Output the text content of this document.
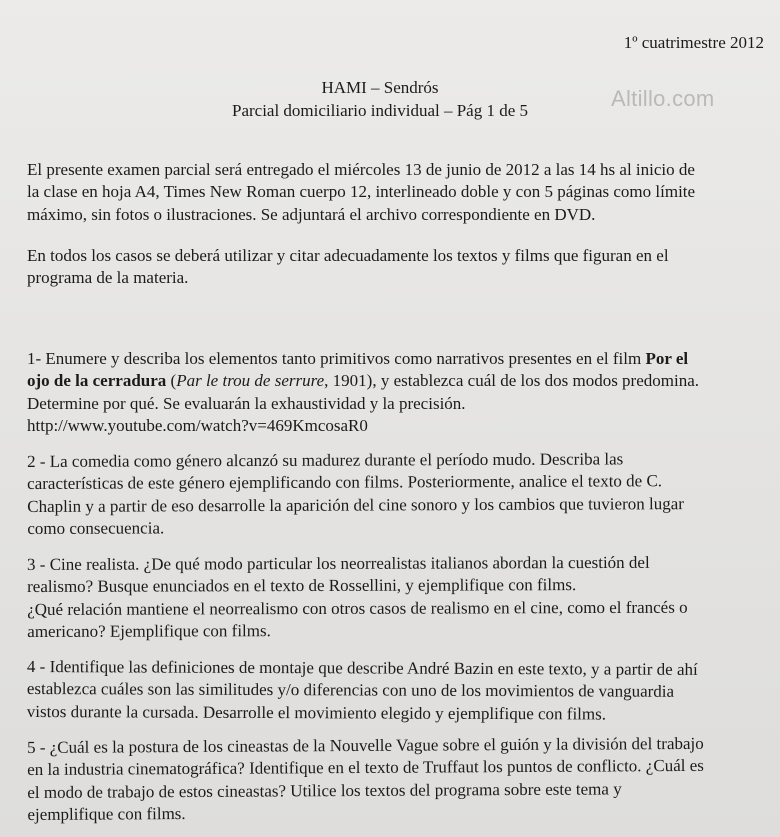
1º cuatrimestre 2012
Altillo.com
HAMI – Sendrós
Parcial domiciliario individual – Pág 1 de 5

El presente examen parcial será entregado el miércoles 13 de junio de 2012 a las 14 hs al inicio de
la clase en hoja A4, Times New Roman cuerpo 12, interlineado doble y con 5 páginas como límite
máximo, sin fotos o ilustraciones. Se adjuntará el archivo correspondiente en DVD.

En todos los casos se deberá utilizar y citar adecuadamente los textos y films que figuran en el
programa de la materia.

1- Enumere y describa los elementos tanto primitivos como narrativos presentes en el film Por el
ojo de la cerradura (Par le trou de serrure, 1901), y establezca cuál de los dos modos predomina.
Determine por qué. Se evaluarán la exhaustividad y la precisión.
http://www.youtube.com/watch?v=469KmcosaR0

2 - La comedia como género alcanzó su madurez durante el período mudo. Describa las
características de este género ejemplificando con films. Posteriormente, analice el texto de C.
Chaplin y a partir de eso desarrolle la aparición del cine sonoro y los cambios que tuvieron lugar
como consecuencia.

3 - Cine realista. ¿De qué modo particular los neorrealistas italianos abordan la cuestión del
realismo? Busque enunciados en el texto de Rossellini, y ejemplifique con films.
¿Qué relación mantiene el neorrealismo con otros casos de realismo en el cine, como el francés o
americano? Ejemplifique con films.

4 - Identifique las definiciones de montaje que describe André Bazin en este texto, y a partir de ahí
establezca cuáles son las similitudes y/o diferencias con uno de los movimientos de vanguardia
vistos durante la cursada. Desarrolle el movimiento elegido y ejemplifique con films.

5 - ¿Cuál es la postura de los cineastas de la Nouvelle Vague sobre el guión y la división del trabajo
en la industria cinematográfica? Identifique en el texto de Truffaut los puntos de conflicto. ¿Cuál es
el modo de trabajo de estos cineastas? Utilice los textos del programa sobre este tema y
ejemplifique con films.
